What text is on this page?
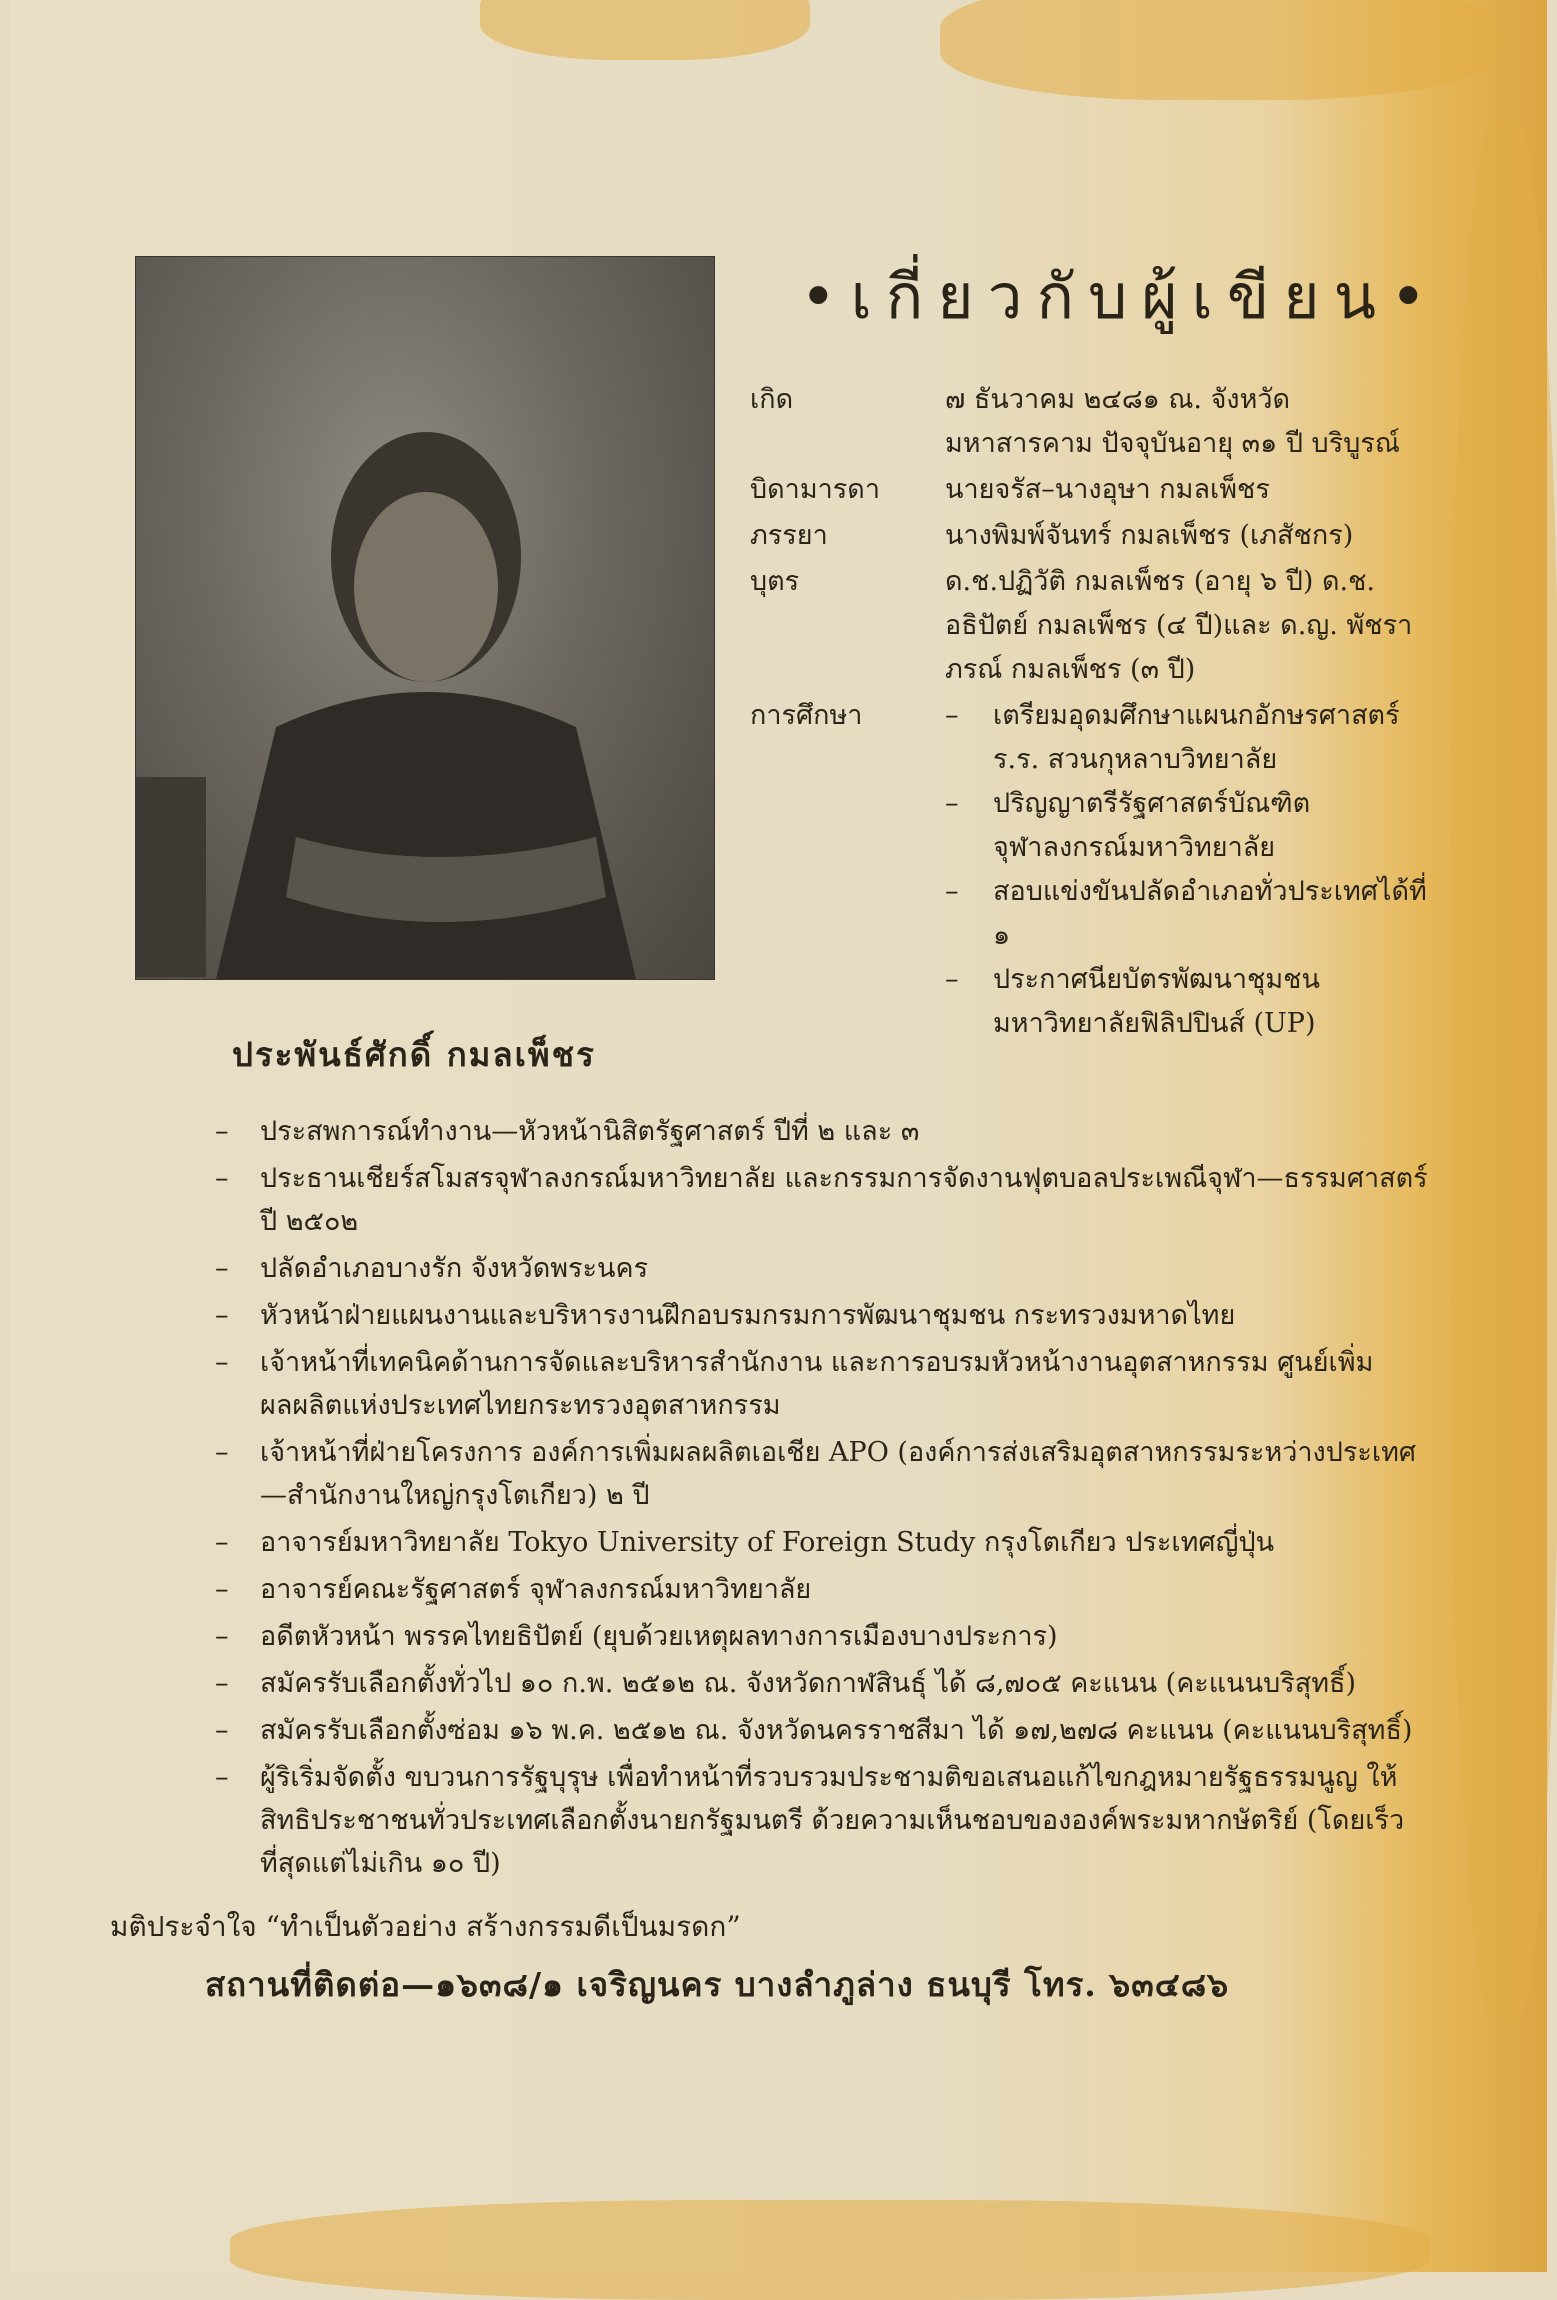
•เกี่ยวกับผู้เขียน•
เกิด	๗ ธันวาคม ๒๔๘๑ ณ. จังหวัดมหาสารคาม ปัจจุบันอายุ ๓๑ ปี บริบูรณ์
บิดามารดา	นายจรัส–นางอุษา กมลเพ็ชร
ภรรยา	นางพิมพ์จันทร์ กมลเพ็ชร (เภสัชกร)
บุตร	ด.ช.ปฏิวัติ กมลเพ็ชร (อายุ ๖ ปี) ด.ช. อธิปัตย์ กมลเพ็ชร (๔ ปี)และ ด.ญ. พัชราภรณ์ กมลเพ็ชร (๓ ปี)
การศึกษา	–	เตรียมอุดมศึกษาแผนกอักษรศาสตร์ ร.ร. สวนกุหลาบวิทยาลัย
–	ปริญญาตรีรัฐศาสตร์บัณฑิต จุฬาลงกรณ์มหาวิทยาลัย
–	สอบแข่งขันปลัดอำเภอทั่วประเทศได้ที่ ๑
–	ประกาศนียบัตรพัฒนาชุมชน มหาวิทยาลัยฟิลิปปินส์ (UP)
ประพันธ์ศักดิ์ กมลเพ็ชร
–	ประสพการณ์ทำงาน—หัวหน้านิสิตรัฐศาสตร์ ปีที่ ๒ และ ๓
–	ประธานเชียร์สโมสรจุฬาลงกรณ์มหาวิทยาลัย และกรรมการจัดงานฟุตบอลประเพณีจุฬา—ธรรมศาสตร์ ปี ๒๕๐๒
–	ปลัดอำเภอบางรัก จังหวัดพระนคร
–	หัวหน้าฝ่ายแผนงานและบริหารงานฝึกอบรมกรมการพัฒนาชุมชน กระทรวงมหาดไทย
–	เจ้าหน้าที่เทคนิคด้านการจัดและบริหารสำนักงาน และการอบรมหัวหน้างานอุตสาหกรรม ศูนย์เพิ่มผลผลิตแห่งประเทศไทยกระทรวงอุตสาหกรรม
–	เจ้าหน้าที่ฝ่ายโครงการ องค์การเพิ่มผลผลิตเอเชีย APO (องค์การส่งเสริมอุตสาหกรรมระหว่างประเทศ—สำนักงานใหญ่กรุงโตเกียว) ๒ ปี
–	อาจารย์มหาวิทยาลัย Tokyo University of Foreign Study กรุงโตเกียว ประเทศญี่ปุ่น
–	อาจารย์คณะรัฐศาสตร์ จุฬาลงกรณ์มหาวิทยาลัย
–	อดีตหัวหน้า พรรคไทยธิปัตย์ (ยุบด้วยเหตุผลทางการเมืองบางประการ)
–	สมัครรับเลือกตั้งทั่วไป ๑๐ ก.พ. ๒๕๑๒ ณ. จังหวัดกาฬสินธุ์ ได้ ๘,๗๐๕ คะแนน (คะแนนบริสุทธิ์)
–	สมัครรับเลือกตั้งซ่อม ๑๖ พ.ค. ๒๕๑๒ ณ. จังหวัดนครราชสีมา ได้ ๑๗,๒๗๘ คะแนน (คะแนนบริสุทธิ์)
–	ผู้ริเริ่มจัดตั้ง ขบวนการรัฐบุรุษ เพื่อทำหน้าที่รวบรวมประชามติขอเสนอแก้ไขกฎหมายรัฐธรรมนูญ ให้สิทธิประชาชนทั่วประเทศเลือกตั้งนายกรัฐมนตรี ด้วยความเห็นชอบขององค์พระมหากษัตริย์ (โดยเร็วที่สุดแต่ไม่เกิน ๑๐ ปี)
มติประจำใจ “ทำเป็นตัวอย่าง สร้างกรรมดีเป็นมรดก”
สถานที่ติดต่อ—๑๖๓๘/๑ เจริญนคร บางลำภูล่าง ธนบุรี โทร. ๖๓๔๘๖
